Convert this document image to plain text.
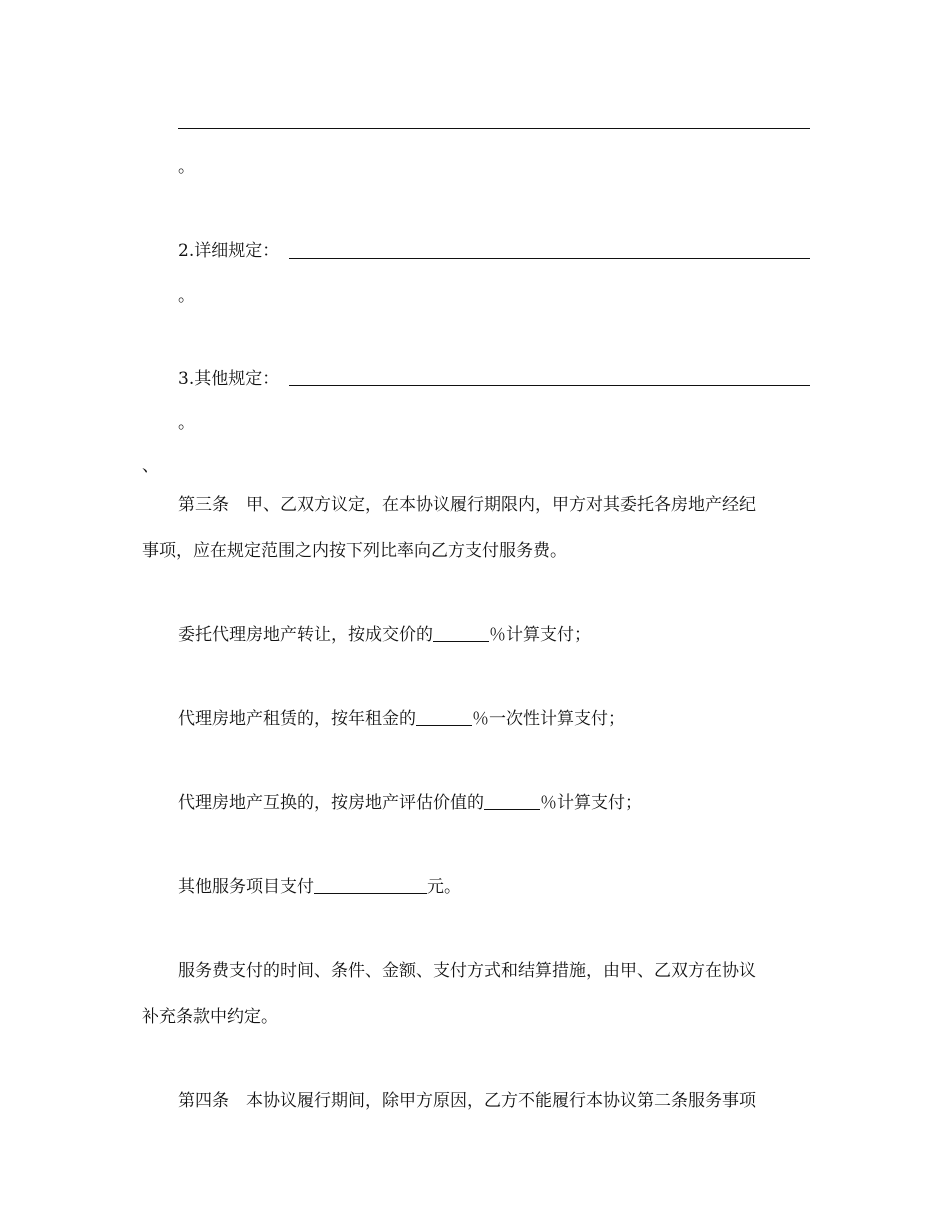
。
2.详细规定：
。
3.其他规定：
。
、
第三条　甲、乙双方议定，在本协议履行期限内，甲方对其委托各房地产经纪
事项，应在规定范围之内按下列比率向乙方支付服务费。
委托代理房地产转让，按成交价的	％计算支付；
代理房地产租赁的，按年租金的	％一次性计算支付；
代理房地产互换的，按房地产评估价值的	％计算支付；
其他服务项目支付	元。
服务费支付的时间、条件、金额、支付方式和结算措施，由甲、乙双方在协议
补充条款中约定。
第四条　本协议履行期间，除甲方原因，乙方不能履行本协议第二条服务事项
